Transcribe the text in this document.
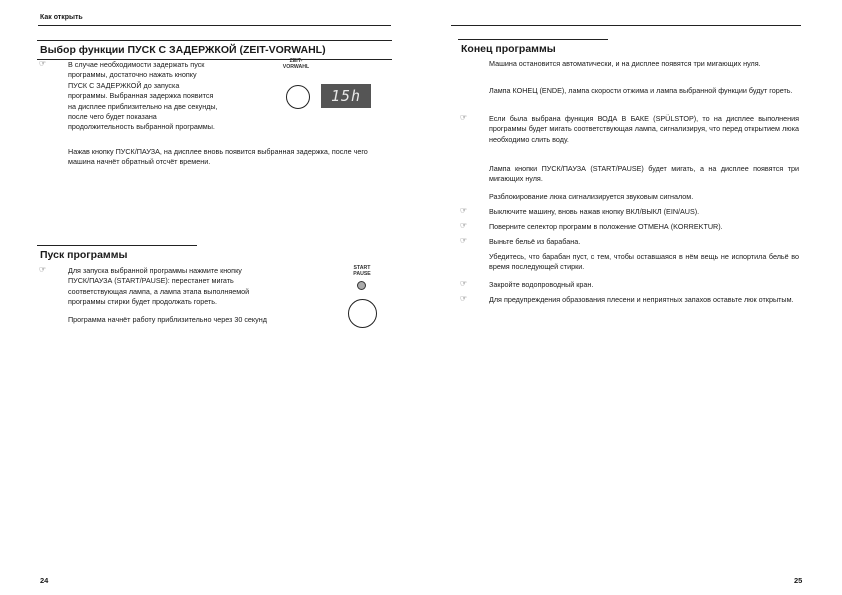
Как открыть
Выбор функции ПУСК С ЗАДЕРЖКОЙ (ZEIT-VORWAHL)
☞	В случае необходимости задержать пуск
программы, достаточно нажать кнопку
ПУСК С ЗАДЕРЖКОЙ до запуска
программы. Выбранная задержка появится
на дисплее приблизительно на две секунды,
после чего будет показана
продолжительность выбранной программы.
ZEIT-
VORWAHL
15h
Нажав кнопку ПУСК/ПАУЗА, на дисплее вновь появится выбранная задержка, после чего машина начнёт обратный отсчёт времени.
Пуск программы
☞	Для запуска выбранной программы нажмите кнопку
ПУСК/ПАУЗА (START/PAUSE): перестанет мигать
соответствующая лампа, а лампа этапа выполняемой
программы стирки будет продолжать гореть.
Программа начнёт работу приблизительно через 30 секунд
START
PAUSE
24
Конец программы
Машина остановится автоматически, и на дисплее появятся три мигающих нуля.
Лампа КОНЕЦ (ENDE), лампа скорости отжима и лампа выбранной функции будут гореть.
☞	Если была выбрана функция ВОДА В БАКЕ (SPÜLSTOP), то на дисплее выполнения программы будет мигать соответствующая лампа, сигнализируя, что перед открытием люка необходимо слить воду.
Лампа кнопки ПУСК/ПАУЗА (START/PAUSE) будет мигать, а на дисплее появятся три мигающих нуля.
Разблокирование люка сигнализируется звуковым сигналом.
☞	Выключите машину, вновь нажав кнопку ВКЛ/ВЫКЛ (EIN/AUS).
☞	Поверните селектор программ в положение ОТМЕНА (KORREKTUR).
☞	Выньте бельё из барабана.
Убедитесь, что барабан пуст, с тем, чтобы оставшаяся в нём вещь не испортила бельё во время последующей стирки.
☞	Закройте водопроводный кран.
☞	Для предупреждения образования плесени и неприятных запахов оставьте люк открытым.
25
